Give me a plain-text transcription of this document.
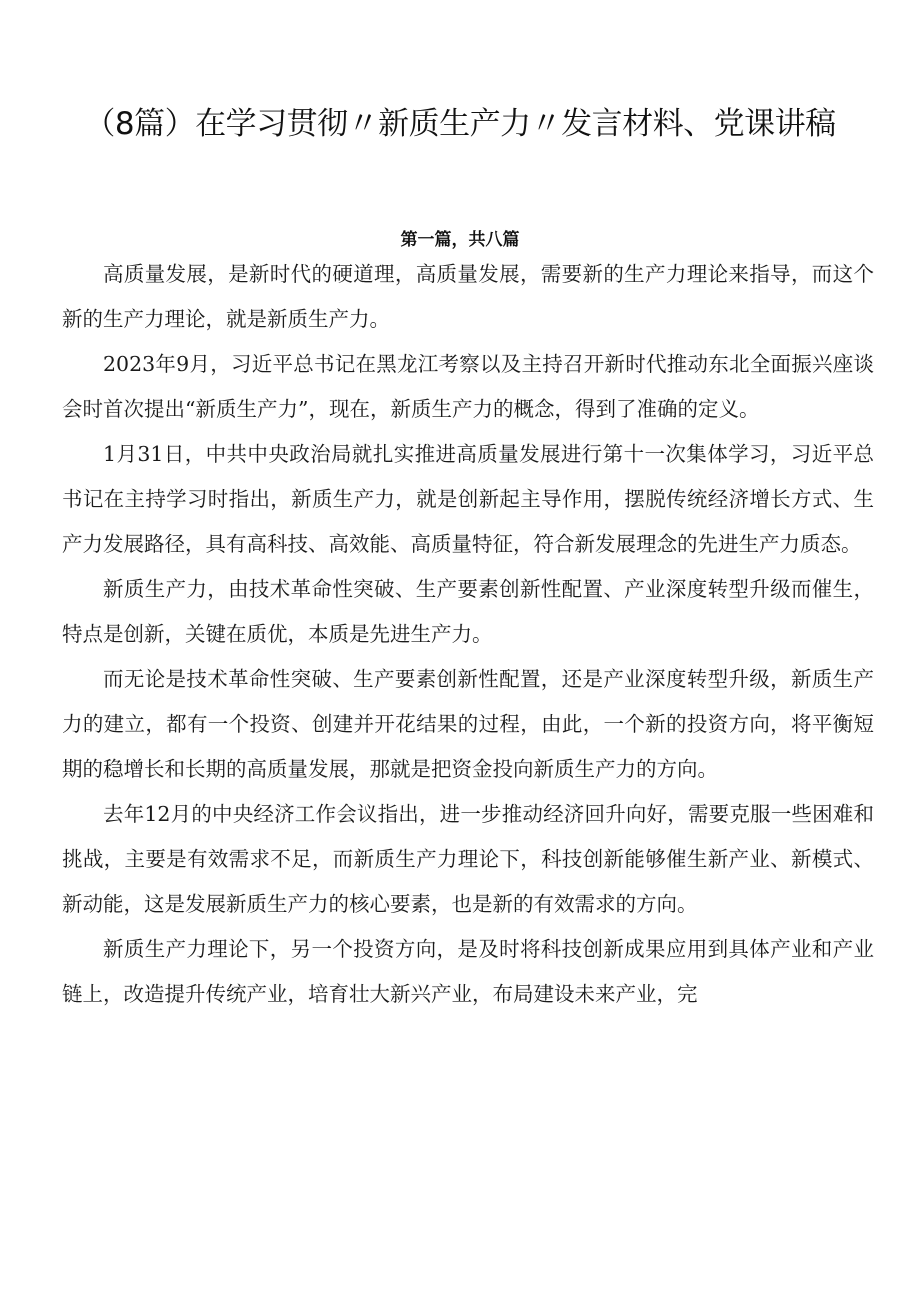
（8篇）在学习贯彻〃新质生产力〃发言材料、党课讲稿
第一篇，共八篇

高质量发展，是新时代的硬道理，高质量发展，需要新的生产力理论来指导，而这个新的生产力理论，就是新质生产力。

2023年9月，习近平总书记在黑龙江考察以及主持召开新时代推动东北全面振兴座谈会时首次提出“新质生产力”，现在，新质生产力的概念，得到了准确的定义。

1月31日，中共中央政治局就扎实推进高质量发展进行第十一次集体学习，习近平总书记在主持学习时指出，新质生产力，就是创新起主导作用，摆脱传统经济增长方式、生产力发展路径，具有高科技、高效能、高质量特征，符合新发展理念的先进生产力质态。

新质生产力，由技术革命性突破、生产要素创新性配置、产业深度转型升级而催生，特点是创新，关键在质优，本质是先进生产力。

而无论是技术革命性突破、生产要素创新性配置，还是产业深度转型升级，新质生产力的建立，都有一个投资、创建并开花结果的过程，由此，一个新的投资方向，将平衡短期的稳增长和长期的高质量发展，那就是把资金投向新质生产力的方向。

去年12月的中央经济工作会议指出，进一步推动经济回升向好，需要克服一些困难和挑战，主要是有效需求不足，而新质生产力理论下，科技创新能够催生新产业、新模式、新动能，这是发展新质生产力的核心要素，也是新的有效需求的方向。

新质生产力理论下，另一个投资方向，是及时将科技创新成果应用到具体产业和产业链上，改造提升传统产业，培育壮大新兴产业，布局建设未来产业，完
